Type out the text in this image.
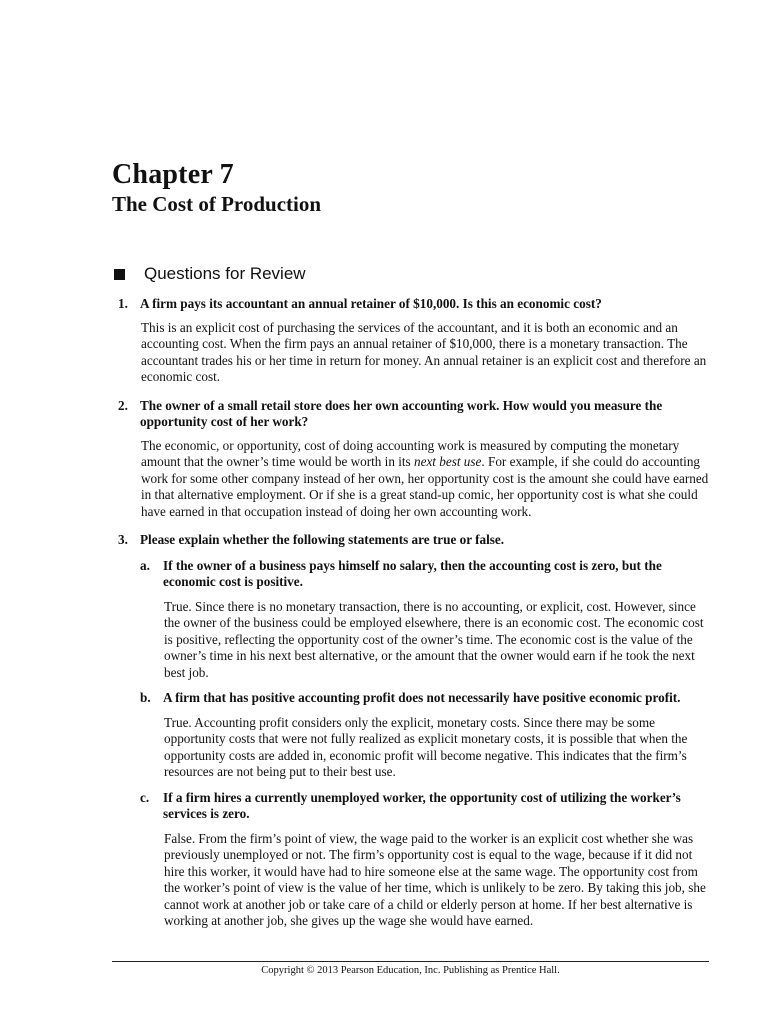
Chapter 7
The Cost of Production
Questions for Review
1. A firm pays its accountant an annual retainer of $10,000. Is this an economic cost?

This is an explicit cost of purchasing the services of the accountant, and it is both an economic and an accounting cost. When the firm pays an annual retainer of $10,000, there is a monetary transaction. The accountant trades his or her time in return for money. An annual retainer is an explicit cost and therefore an economic cost.

2. The owner of a small retail store does her own accounting work. How would you measure the opportunity cost of her work?

The economic, or opportunity, cost of doing accounting work is measured by computing the monetary amount that the owner’s time would be worth in its next best use. For example, if she could do accounting work for some other company instead of her own, her opportunity cost is the amount she could have earned in that alternative employment. Or if she is a great stand-up comic, her opportunity cost is what she could have earned in that occupation instead of doing her own accounting work.

3. Please explain whether the following statements are true or false.
a. If the owner of a business pays himself no salary, then the accounting cost is zero, but the economic cost is positive.

True. Since there is no monetary transaction, there is no accounting, or explicit, cost. However, since the owner of the business could be employed elsewhere, there is an economic cost. The economic cost is positive, reflecting the opportunity cost of the owner’s time. The economic cost is the value of the owner’s time in his next best alternative, or the amount that the owner would earn if he took the next best job.

b. A firm that has positive accounting profit does not necessarily have positive economic profit.

True. Accounting profit considers only the explicit, monetary costs. Since there may be some opportunity costs that were not fully realized as explicit monetary costs, it is possible that when the opportunity costs are added in, economic profit will become negative. This indicates that the firm’s resources are not being put to their best use.

c.	If a firm hires a currently unemployed worker, the opportunity cost of utilizing the worker’s services is zero.

False. From the firm’s point of view, the wage paid to the worker is an explicit cost whether she was previously unemployed or not. The firm’s opportunity cost is equal to the wage, because if it did not hire this worker, it would have had to hire someone else at the same wage. The opportunity cost from the worker’s point of view is the value of her time, which is unlikely to be zero. By taking this job, she cannot work at another job or take care of a child or elderly person at home. If her best alternative is working at another job, she gives up the wage she would have earned.

Copyright © 2013 Pearson Education, Inc. Publishing as Prentice Hall.
